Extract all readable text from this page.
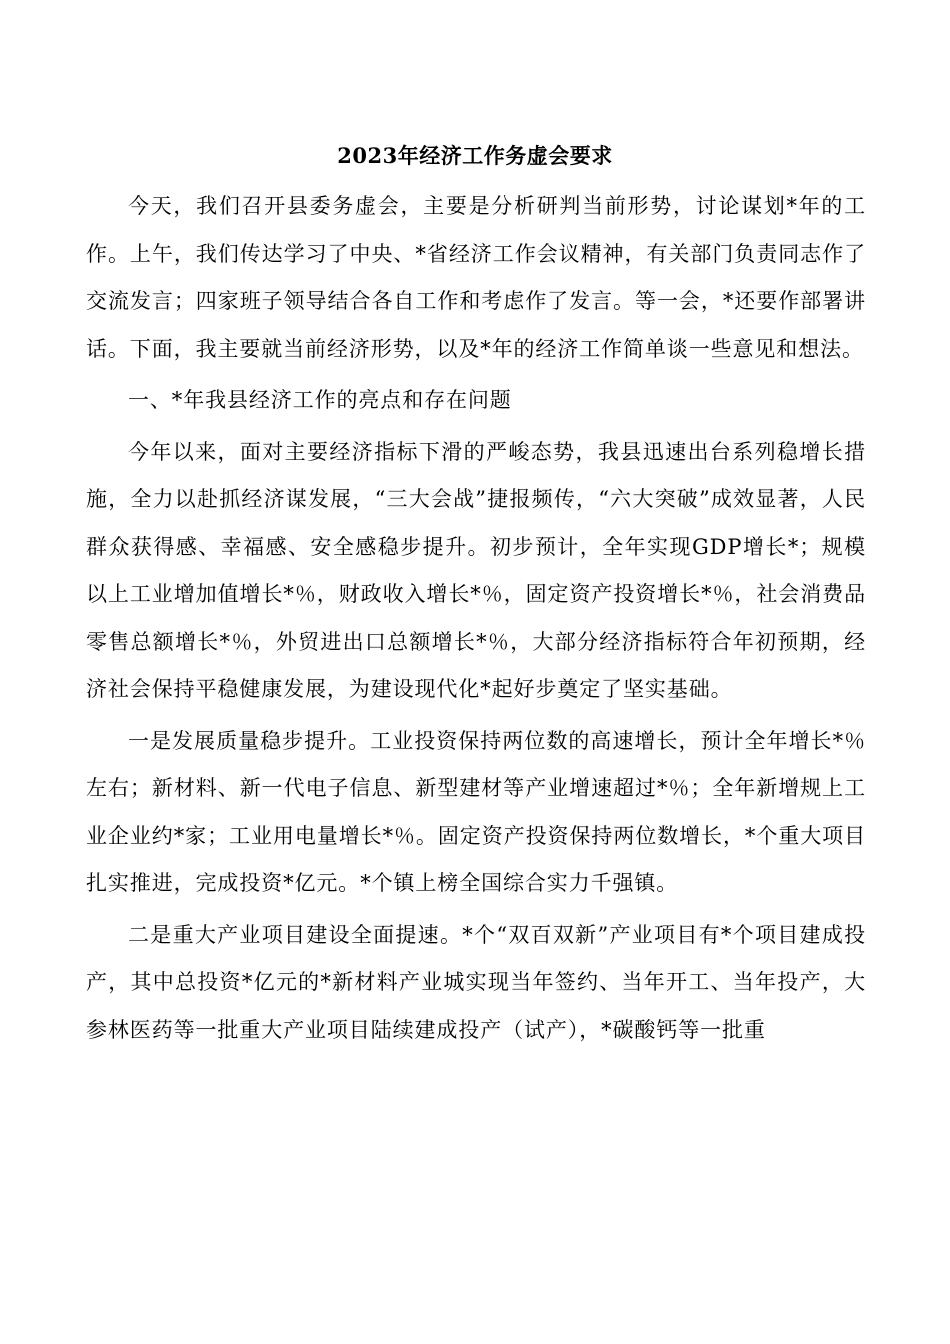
2023年经济工作务虚会要求

今天，我们召开县委务虚会，主要是分析研判当前形势，讨论谋划*年的工作。上午，我们传达学习了中央、*省经济工作会议精神，有关部门负责同志作了交流发言；四家班子领导结合各自工作和考虑作了发言。等一会，*还要作部署讲话。下面，我主要就当前经济形势，以及*年的经济工作简单谈一些意见和想法。

一、*年我县经济工作的亮点和存在问题

今年以来，面对主要经济指标下滑的严峻态势，我县迅速出台系列稳增长措施，全力以赴抓经济谋发展，“三大会战”捷报频传，“六大突破”成效显著，人民群众获得感、幸福感、安全感稳步提升。初步预计，全年实现GDP增长*；规模以上工业增加值增长*％，财政收入增长*％，固定资产投资增长*％，社会消费品零售总额增长*％，外贸进出口总额增长*％，大部分经济指标符合年初预期，经济社会保持平稳健康发展，为建设现代化*起好步奠定了坚实基础。

一是发展质量稳步提升。工业投资保持两位数的高速增长，预计全年增长*％左右；新材料、新一代电子信息、新型建材等产业增速超过*％；全年新增规上工业企业约*家；工业用电量增长*％。固定资产投资保持两位数增长，*个重大项目扎实推进，完成投资*亿元。*个镇上榜全国综合实力千强镇。

二是重大产业项目建设全面提速。*个“双百双新”产业项目有*个项目建成投产，其中总投资*亿元的*新材料产业城实现当年签约、当年开工、当年投产，大参林医药等一批重大产业项目陆续建成投产（试产），*碳酸钙等一批重
